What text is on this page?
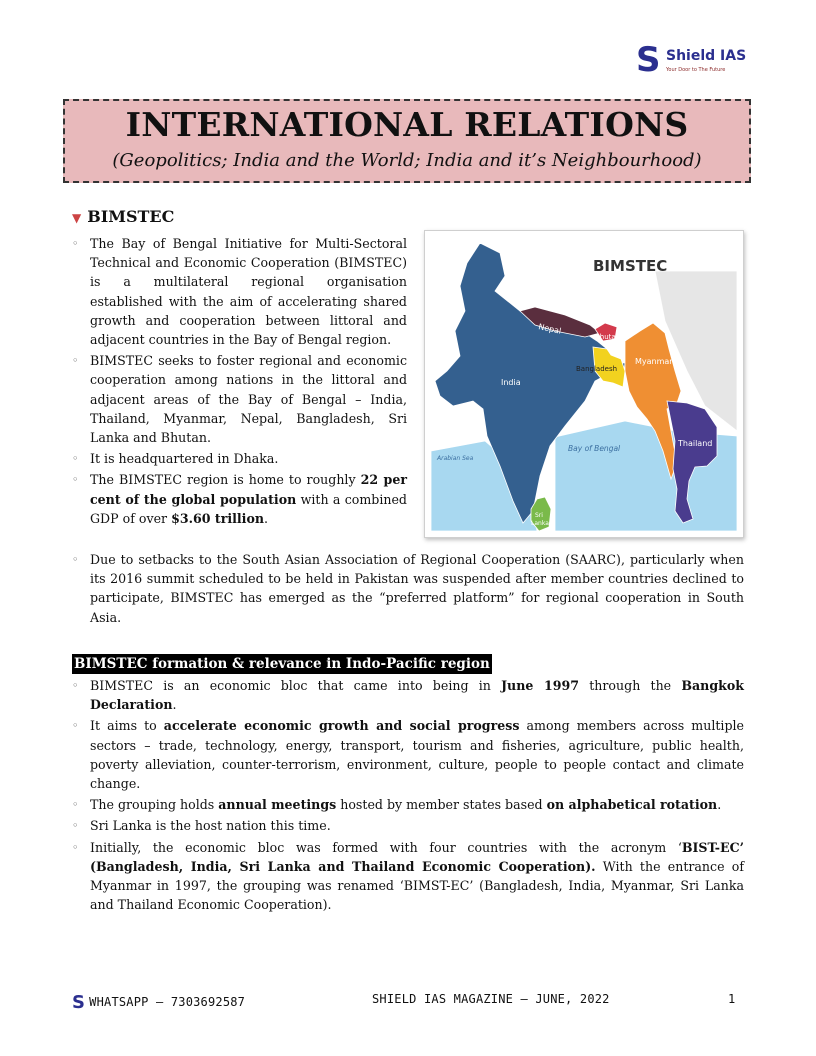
S Shield IAS
Your Door to The Future
INTERNATIONAL RELATIONS
(Geopolitics; India and the World; India and it’s Neighbourhood)
▼ BIMSTEC
◦ The Bay of Bengal Initiative for Multi-Sectoral Technical and Economic Cooperation (BIMSTEC) is a multilateral regional organisation established with the aim of accelerating shared growth and cooperation between littoral and adjacent countries in the Bay of Bengal region.
◦ BIMSTEC seeks to foster regional and economic cooperation among nations in the littoral and adjacent areas of the Bay of Bengal – India, Thailand, Myanmar, Nepal, Bangladesh, Sri Lanka and Bhutan.
◦ It is headquartered in Dhaka.
◦ The BIMSTEC region is home to roughly 22 per cent of the global population with a combined GDP of over $3.60 trillion.
BIMSTEC
Nepal
Bhutan
Bangladesh
Myanmar
India
Thailand
Bay of Bengal
Arabian Sea
Sri
Lanka
◦ Due to setbacks to the South Asian Association of Regional Cooperation (SAARC), particularly when its 2016 summit scheduled to be held in Pakistan was suspended after member countries declined to participate, BIMSTEC has emerged as the “preferred platform” for regional cooperation in South Asia.
BIMSTEC formation & relevance in Indo-Pacific region
◦ BIMSTEC is an economic bloc that came into being in June 1997 through the Bangkok Declaration.
◦ It aims to accelerate economic growth and social progress among members across multiple sectors – trade, technology, energy, transport, tourism and fisheries, agriculture, public health, poverty alleviation, counter-terrorism, environment, culture, people to people contact and climate change.
◦ The grouping holds annual meetings hosted by member states based on alphabetical rotation.
◦ Sri Lanka is the host nation this time.
◦ Initially, the economic bloc was formed with four countries with the acronym ‘BIST-EC’ (Bangladesh, India, Sri Lanka and Thailand Economic Cooperation). With the entrance of Myanmar in 1997, the grouping was renamed ‘BIMST-EC’ (Bangladesh, India, Myanmar, Sri Lanka and Thailand Economic Cooperation).
SWHATSAPP – 7303692587	SHIELD IAS MAGAZINE – JUNE, 2022	1
